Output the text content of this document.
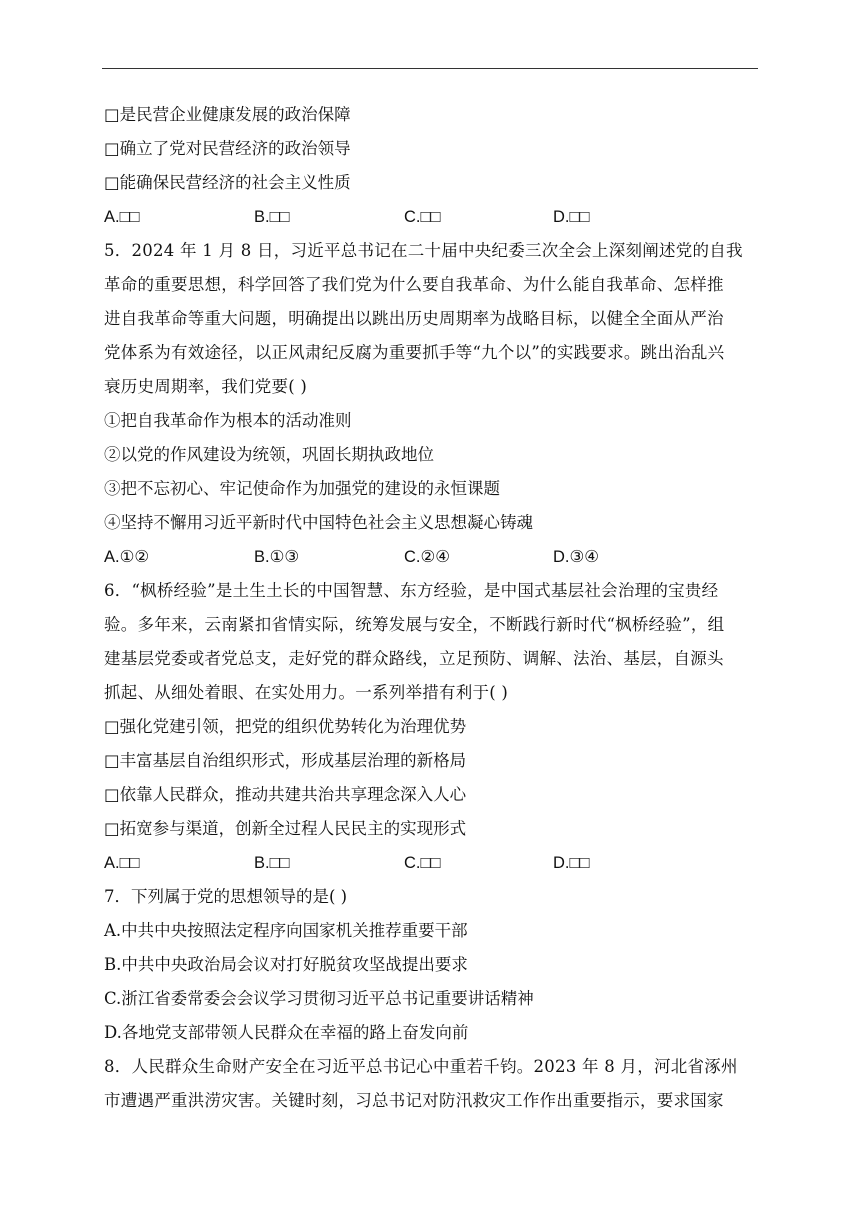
□是民营企业健康发展的政治保障
□确立了党对民营经济的政治领导
□能确保民营经济的社会主义性质
A.□□	B.□□	C.□□	D.□□
5．2024 年 1 月 8 日，习近平总书记在二十届中央纪委三次全会上深刻阐述党的自我
革命的重要思想，科学回答了我们党为什么要自我革命、为什么能自我革命、怎样推
进自我革命等重大问题，明确提出以跳出历史周期率为战略目标，以健全全面从严治
党体系为有效途径，以正风肃纪反腐为重要抓手等“九个以”的实践要求。跳出治乱兴
衰历史周期率，我们党要( )
①把自我革命作为根本的活动准则
②以党的作风建设为统领，巩固长期执政地位
③把不忘初心、牢记使命作为加强党的建设的永恒课题
④坚持不懈用习近平新时代中国特色社会主义思想凝心铸魂
A.①②	B.①③	C.②④	D.③④
6．“枫桥经验”是土生土长的中国智慧、东方经验，是中国式基层社会治理的宝贵经
验。多年来，云南紧扣省情实际，统筹发展与安全，不断践行新时代“枫桥经验”，组
建基层党委或者党总支，走好党的群众路线，立足预防、调解、法治、基层，自源头
抓起、从细处着眼、在实处用力。一系列举措有利于( )
□强化党建引领，把党的组织优势转化为治理优势
□丰富基层自治组织形式，形成基层治理的新格局
□依靠人民群众，推动共建共治共享理念深入人心
□拓宽参与渠道，创新全过程人民民主的实现形式
A.□□	B.□□	C.□□	D.□□
7．下列属于党的思想领导的是( )
A.中共中央按照法定程序向国家机关推荐重要干部
B.中共中央政治局会议对打好脱贫攻坚战提出要求
C.浙江省委常委会会议学习贯彻习近平总书记重要讲话精神
D.各地党支部带领人民群众在幸福的路上奋发向前
8．人民群众生命财产安全在习近平总书记心中重若千钧。2023 年 8 月，河北省涿州
市遭遇严重洪涝灾害。关键时刻，习总书记对防汛救灾工作作出重要指示，要求国家
